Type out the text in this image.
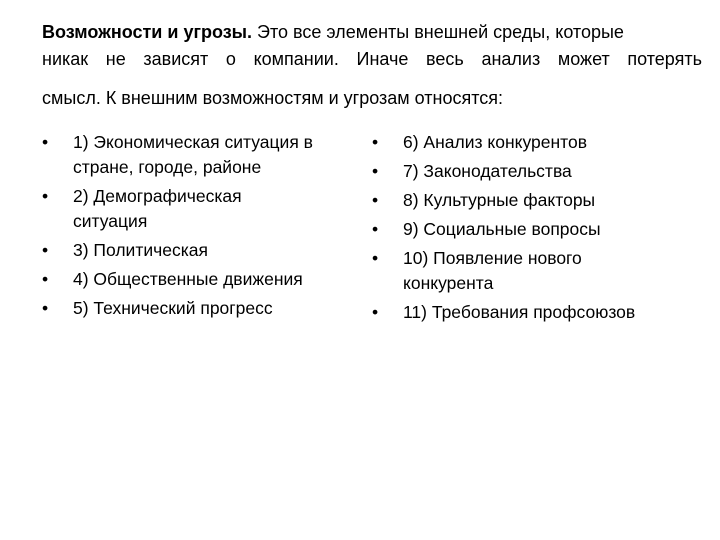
Возможности и угрозы. Это все элементы внешней среды, которые
никак не зависят о компании. Иначе весь анализ может потерять
смысл. К внешним возможностям и угрозам относятся:
•	1) Экономическая ситуация в
стране, городе, районе
•	2) Демографическая
ситуация
•	3) Политическая
•	4) Общественные движения
•	5) Технический прогресс
•	6) Анализ конкурентов
•	7) Законодательства
•	8) Культурные факторы
•	9) Социальные вопросы
•	10) Появление нового
конкурента
•	11) Требования профсоюзов
